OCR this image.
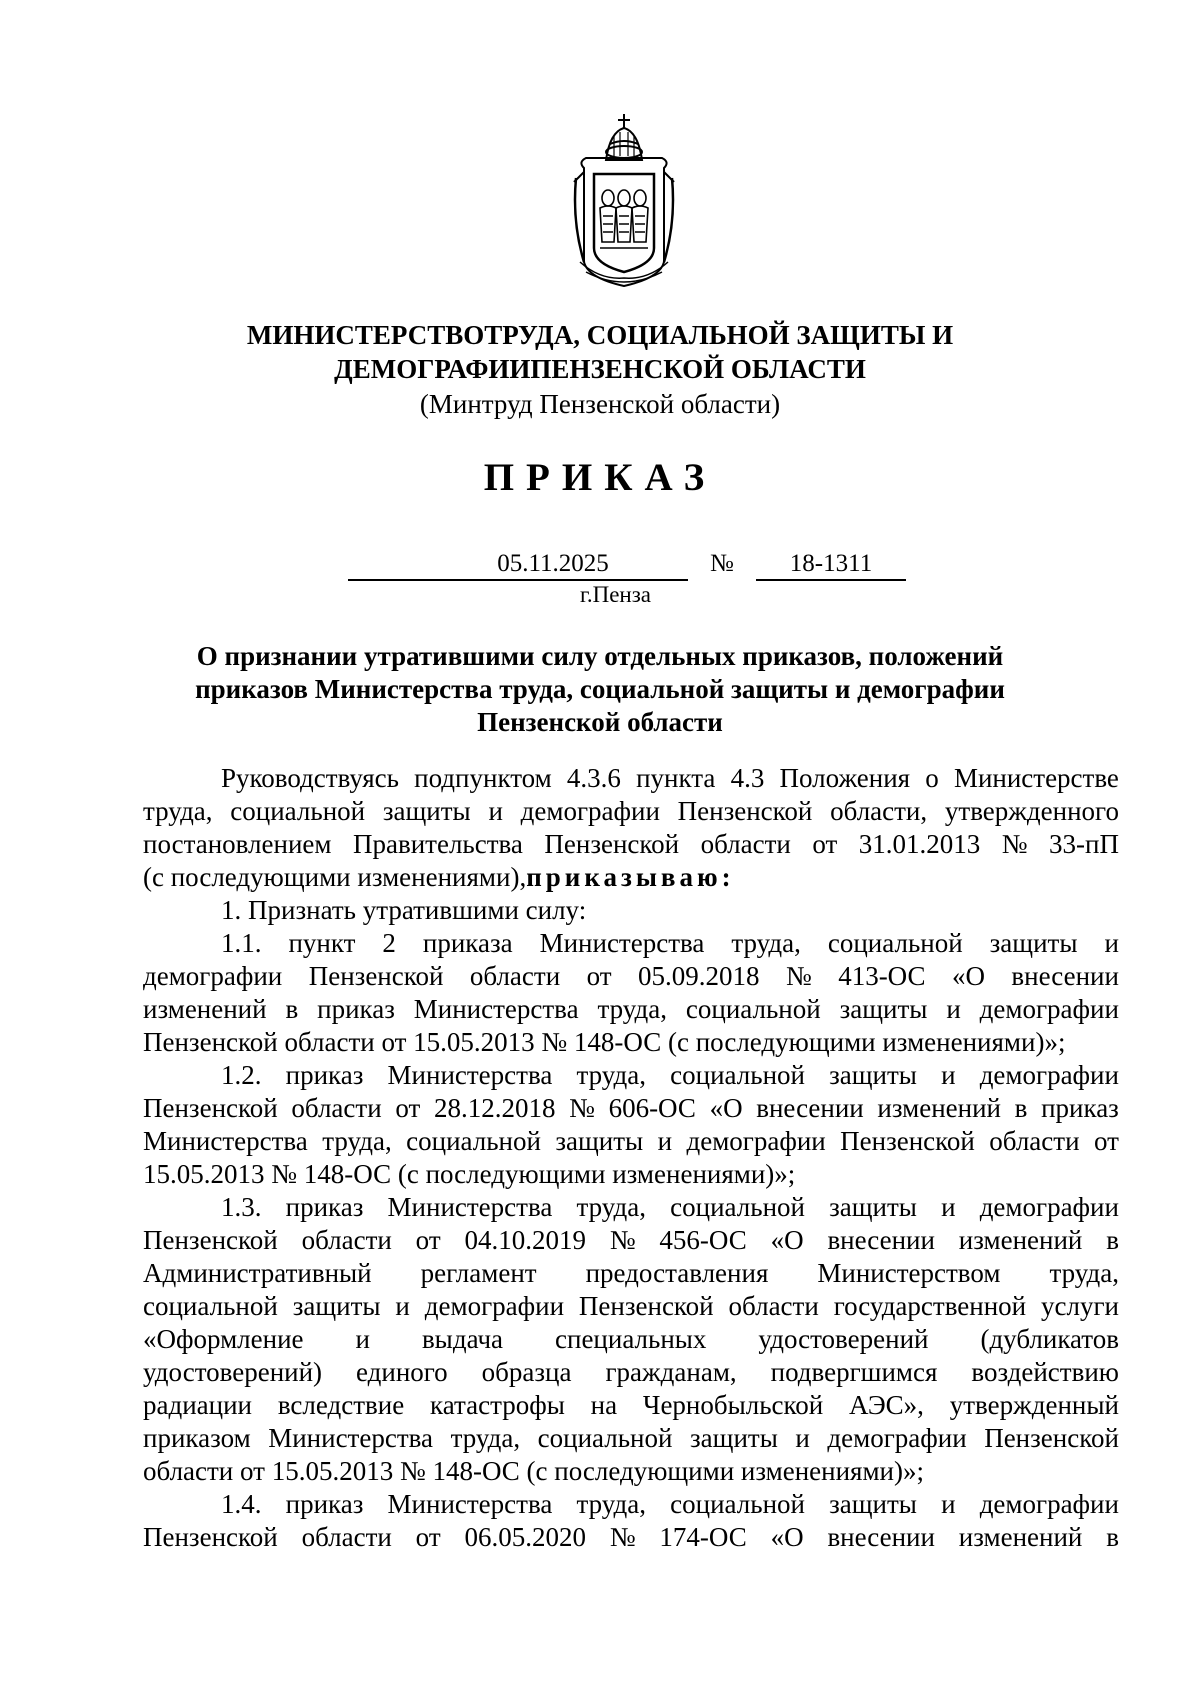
МИНИСТЕРСТВОТРУДА, СОЦИАЛЬНОЙ ЗАЩИТЫ И
ДЕМОГРАФИИПЕНЗЕНСКОЙ ОБЛАСТИ
(Минтруд Пензенской области)
ПРИКАЗ
05.11.2025	№	18-1311
г.Пенза
О признании утратившими силу отдельных приказов, положений
приказов Министерства труда, социальной защиты и демографии
Пензенской области
Руководствуясь подпунктом 4.3.6 пункта 4.3 Положения о Министерстве
труда, социальной защиты и демографии Пензенской области, утвержденного
постановлением Правительства Пензенской области от 31.01.2013 № 33-пП
(с последующими изменениями),приказываю:
1. Признать утратившими силу:
1.1. пункт 2 приказа Министерства труда, социальной защиты и
демографии Пензенской области от 05.09.2018 № 413-ОС «О внесении
изменений в приказ Министерства труда, социальной защиты и демографии
Пензенской области от 15.05.2013 № 148-ОС (с последующими изменениями)»;
1.2. приказ Министерства труда, социальной защиты и демографии
Пензенской области от 28.12.2018 № 606-ОС «О внесении изменений в приказ
Министерства труда, социальной защиты и демографии Пензенской области от
15.05.2013 № 148-ОС (с последующими изменениями)»;
1.3. приказ Министерства труда, социальной защиты и демографии
Пензенской области от 04.10.2019 № 456-ОС «О внесении изменений в
Административный регламент предоставления Министерством труда,
социальной защиты и демографии Пензенской области государственной услуги
«Оформление и выдача специальных удостоверений (дубликатов
удостоверений) единого образца гражданам, подвергшимся воздействию
радиации вследствие катастрофы на Чернобыльской АЭС», утвержденный
приказом Министерства труда, социальной защиты и демографии Пензенской
области от 15.05.2013 № 148-ОС (с последующими изменениями)»;
1.4. приказ Министерства труда, социальной защиты и демографии
Пензенской области от 06.05.2020 № 174-ОС «О внесении изменений в
